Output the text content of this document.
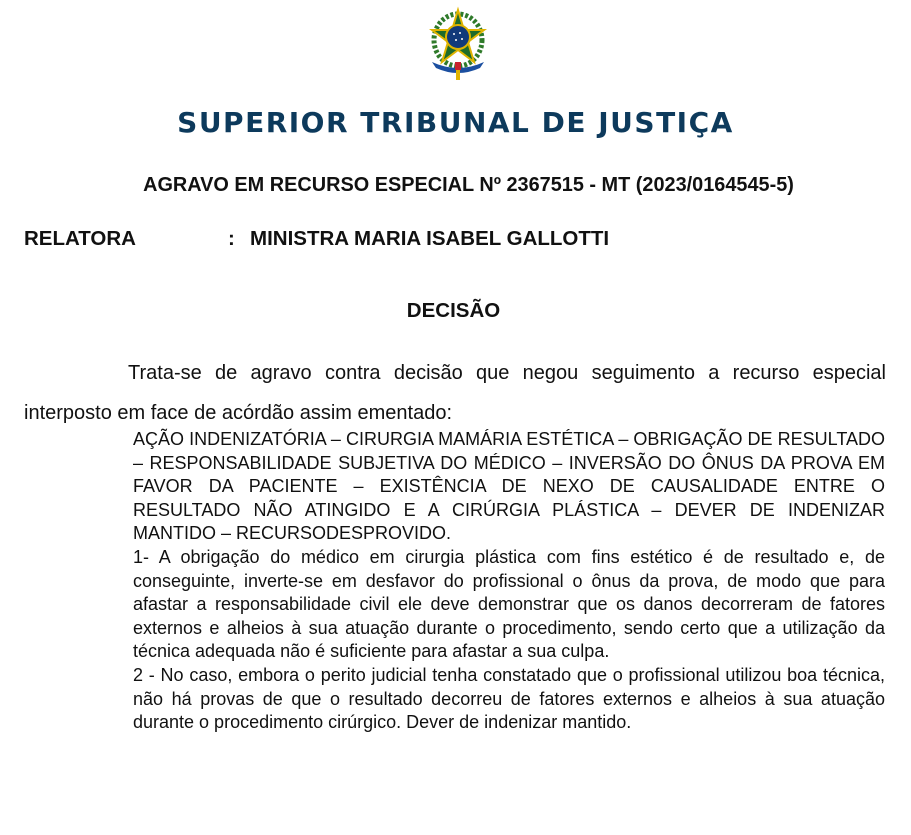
SUPERIOR TRIBUNAL DE JUSTIÇA
AGRAVO EM RECURSO ESPECIAL Nº 2367515 - MT (2023/0164545-5)
RELATORA	: MINISTRA MARIA ISABEL GALLOTTI
DECISÃO
Trata-se de agravo contra decisão que negou seguimento a recurso especial interposto em face de acórdão assim ementado:

AÇÃO INDENIZATÓRIA – CIRURGIA MAMÁRIA ESTÉTICA – OBRIGAÇÃO DE RESULTADO – RESPONSABILIDADE SUBJETIVA DO MÉDICO – INVERSÃO DO ÔNUS DA PROVA EM FAVOR DA PACIENTE – EXISTÊNCIA DE NEXO DE CAUSALIDADE ENTRE O RESULTADO NÃO ATINGIDO E A CIRÚRGIA PLÁSTICA – DEVER DE INDENIZAR MANTIDO – RECURSODESPROVIDO.

1- A obrigação do médico em cirurgia plástica com fins estético é de resultado e, de conseguinte, inverte-se em desfavor do profissional o ônus da prova, de modo que para afastar a responsabilidade civil ele deve demonstrar que os danos decorreram de fatores externos e alheios à sua atuação durante o procedimento, sendo certo que a utilização da técnica adequada não é suficiente para afastar a sua culpa.

2 - No caso, embora o perito judicial tenha constatado que o profissional utilizou boa técnica, não há provas de que o resultado decorreu de fatores externos e alheios à sua atuação durante o procedimento cirúrgico. Dever de indenizar mantido.
